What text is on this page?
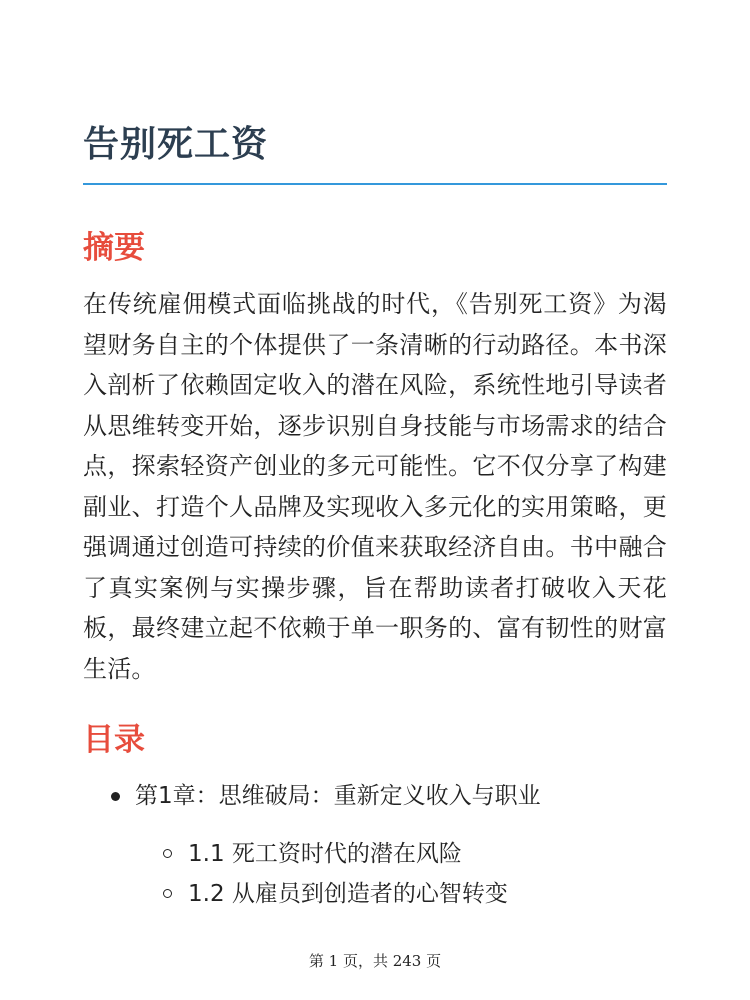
告别死工资
摘要

在传统雇佣模式面临挑战的时代，《告别死工资》为渴望财务自主的个体提供了一条清晰的行动路径。本书深入剖析了依赖固定收入的潜在风险，系统性地引导读者从思维转变开始，逐步识别自身技能与市场需求的结合点，探索轻资产创业的多元可能性。它不仅分享了构建副业、打造个人品牌及实现收入多元化的实用策略，更强调通过创造可持续的价值来获取经济自由。书中融合了真实案例与实操步骤，旨在帮助读者打破收入天花板，最终建立起不依赖于单一职务的、富有韧性的财富生活。

目录
第1章：思维破局：重新定义收入与职业
1.1 死工资时代的潜在风险
1.2 从雇员到创造者的心智转变
第 1 页，共 243 页
